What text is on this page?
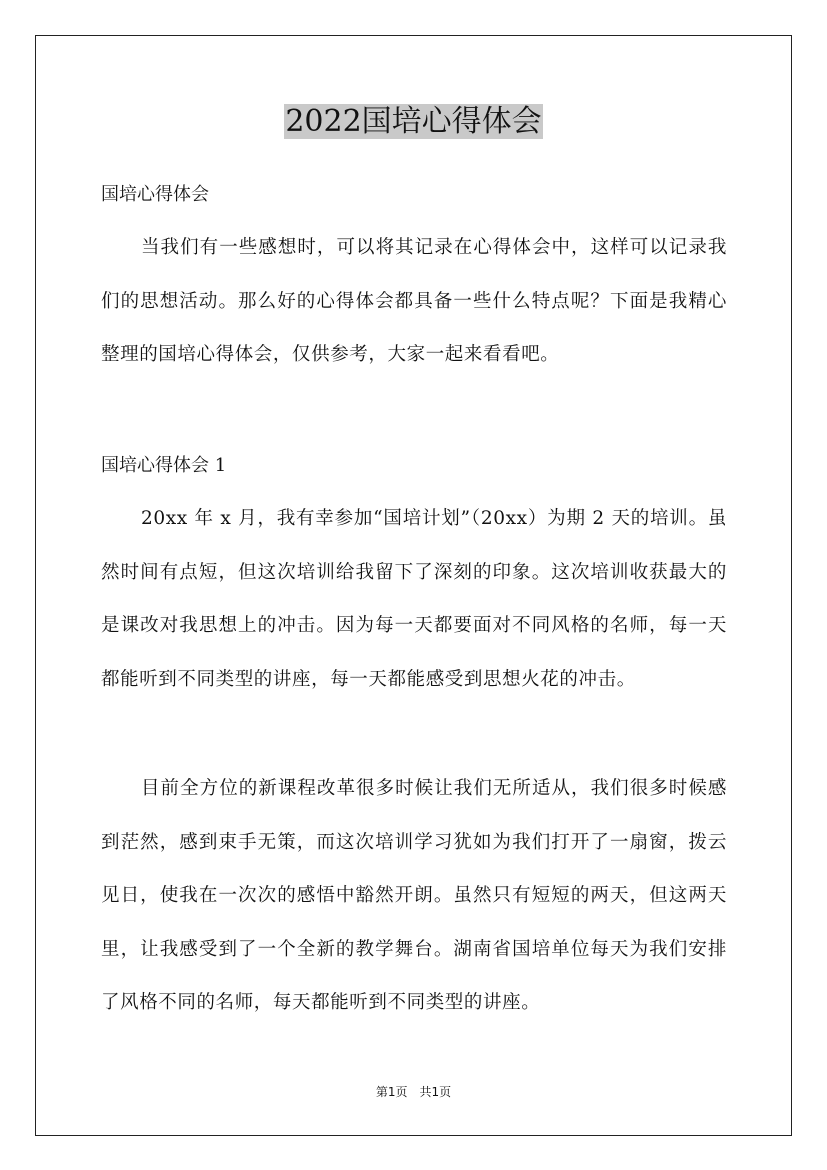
2022国培心得体会
国培心得体会
当我们有一些感想时，可以将其记录在心得体会中，这样可以记录我们的思想活动。那么好的心得体会都具备一些什么特点呢？下面是我精心整理的国培心得体会，仅供参考，大家一起来看看吧。
国培心得体会 1
20xx 年 x 月，我有幸参加“国培计划”（20xx）为期 2 天的培训。虽然时间有点短，但这次培训给我留下了深刻的印象。这次培训收获最大的是课改对我思想上的冲击。因为每一天都要面对不同风格的名师，每一天都能听到不同类型的讲座，每一天都能感受到思想火花的冲击。
目前全方位的新课程改革很多时候让我们无所适从，我们很多时候感到茫然，感到束手无策，而这次培训学习犹如为我们打开了一扇窗，拨云见日，使我在一次次的感悟中豁然开朗。虽然只有短短的两天，但这两天里，让我感受到了一个全新的教学舞台。湖南省国培单位每天为我们安排了风格不同的名师，每天都能听到不同类型的讲座。
第1页 共1页
